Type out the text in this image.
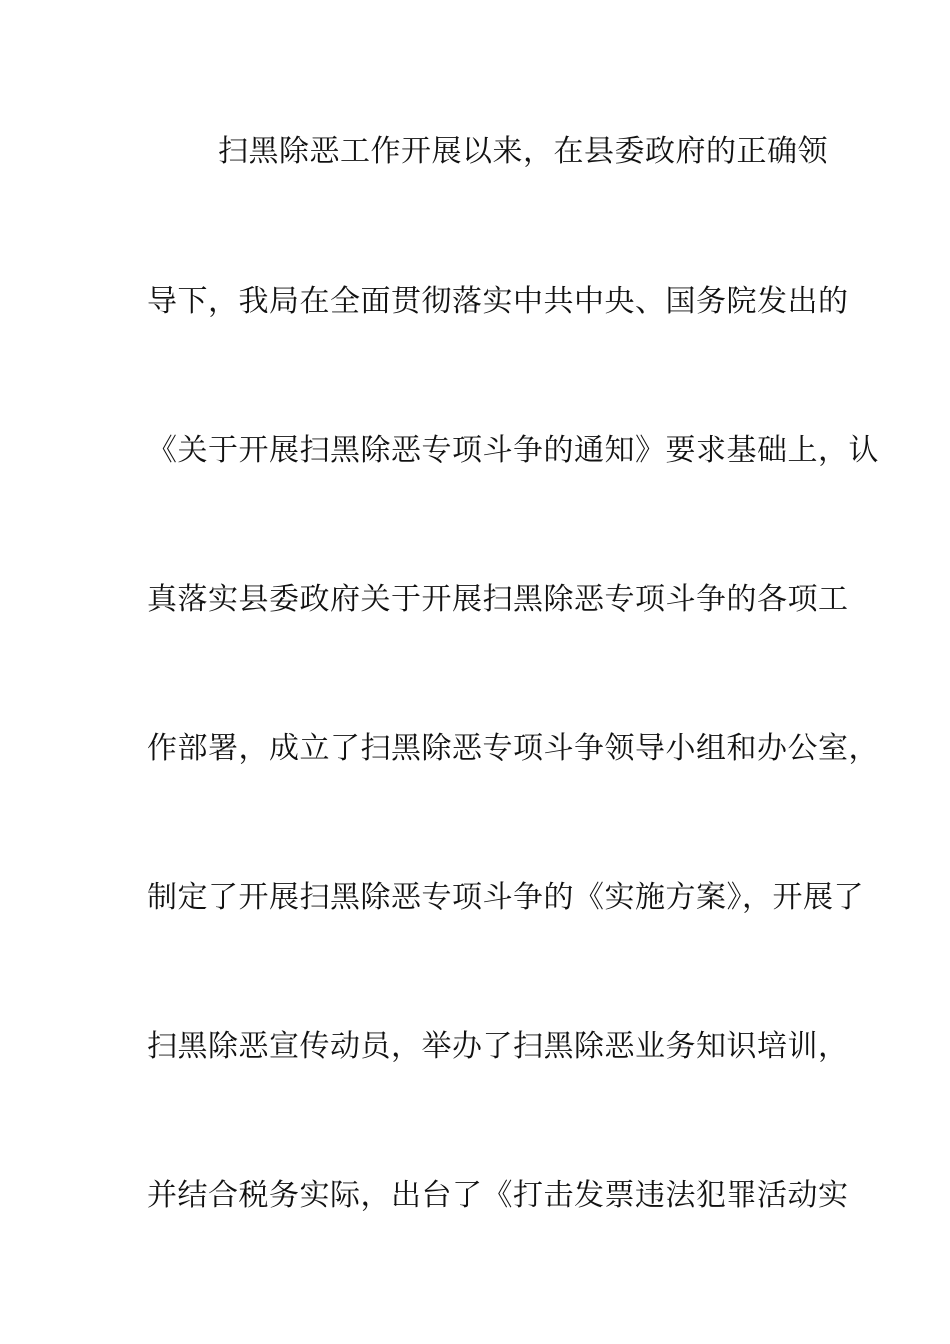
扫黑除恶工作开展以来，在县委政府的正确领
导下，我局在全面贯彻落实中共中央、国务院发出的
《关于开展扫黑除恶专项斗争的通知》要求基础上，认
真落实县委政府关于开展扫黑除恶专项斗争的各项工
作部署，成立了扫黑除恶专项斗争领导小组和办公室，
制定了开展扫黑除恶专项斗争的《实施方案》，开展了
扫黑除恶宣传动员，举办了扫黑除恶业务知识培训，
并结合税务实际，出台了《打击发票违法犯罪活动实
